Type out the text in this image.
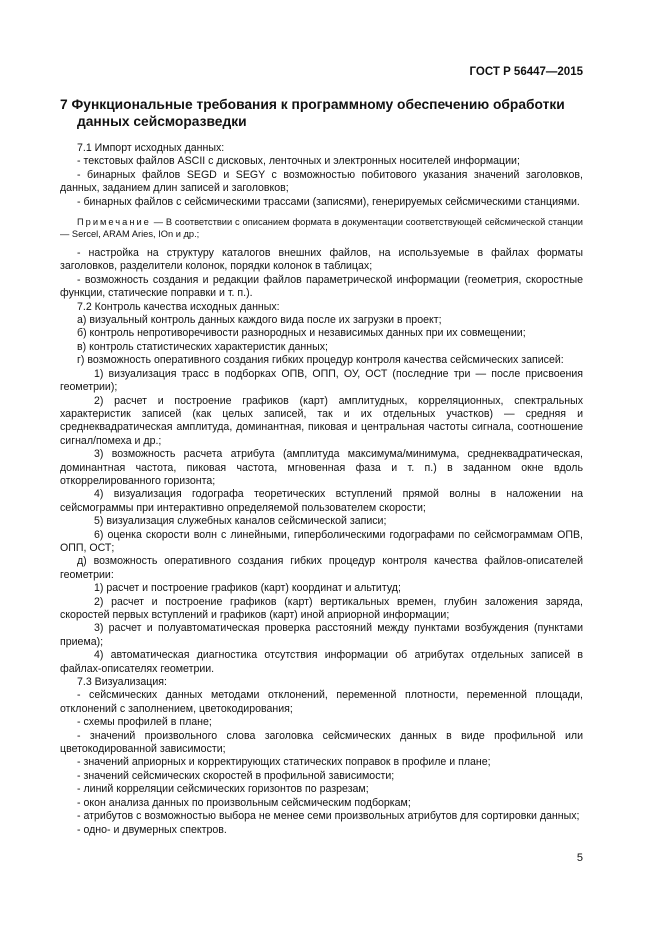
ГОСТ Р 56447—2015
7 Функциональные требования к программному обеспечению обработки данных сейсморазведки

7.1 Импорт исходных данных:

- текстовых файлов ASCII с дисковых, ленточных и электронных носителей информации;

- бинарных файлов SEGD и SEGY с возможностью побитового указания значений заголовков, данных, заданием длин записей и заголовков;

- бинарных файлов с сейсмическими трассами (записями), генерируемых сейсмическими станциями.

Примечание — В соответствии с описанием формата в документации соответствующей сейсмической станции — Sercel, ARAM Aries, IOn и др.;

- настройка на структуру каталогов внешних файлов, на используемые в файлах форматы заголовков, разделители колонок, порядки колонок в таблицах;

- возможность создания и редакции файлов параметрической информации (геометрия, скоростные функции, статические поправки и т. п.).

7.2 Контроль качества исходных данных:

а) визуальный контроль данных каждого вида после их загрузки в проект;

б) контроль непротиворечивости разнородных и независимых данных при их совмещении;

в) контроль статистических характеристик данных;

г) возможность оперативного создания гибких процедур контроля качества сейсмических записей:

1) визуализация трасс в подборках ОПВ, ОПП, ОУ, ОСТ (последние три — после присвоения геометрии);

2) расчет и построение графиков (карт) амплитудных, корреляционных, спектральных характеристик записей (как целых записей, так и их отдельных участков) — средняя и среднеквадратическая амплитуда, доминантная, пиковая и центральная частоты сигнала, соотношение сигнал/помеха и др.;

3) возможность расчета атрибута (амплитуда максимума/минимума, среднеквадратическая, доминантная частота, пиковая частота, мгновенная фаза и т. п.) в заданном окне вдоль откоррелированного горизонта;

4) визуализация годографа теоретических вступлений прямой волны в наложении на сейсмограммы при интерактивно определяемой пользователем скорости;

5) визуализация служебных каналов сейсмической записи;

6) оценка скорости волн с линейными, гиперболическими годографами по сейсмограммам ОПВ, ОПП, ОСТ;

д) возможность оперативного создания гибких процедур контроля качества файлов-описателей геометрии:

1) расчет и построение графиков (карт) координат и альтитуд;

2) расчет и построение графиков (карт) вертикальных времен, глубин заложения заряда, скоростей первых вступлений и графиков (карт) иной априорной информации;

3) расчет и полуавтоматическая проверка расстояний между пунктами возбуждения (пунктами приема);

4) автоматическая диагностика отсутствия информации об атрибутах отдельных записей в файлах-описателях геометрии.

7.3 Визуализация:

- сейсмических данных методами отклонений, переменной плотности, переменной площади, отклонений с заполнением, цветокодирования;

- схемы профилей в плане;

- значений произвольного слова заголовка сейсмических данных в виде профильной или цветокодированной зависимости;

- значений априорных и корректирующих статических поправок в профиле и плане;

- значений сейсмических скоростей в профильной зависимости;

- линий корреляции сейсмических горизонтов по разрезам;

- окон анализа данных по произвольным сейсмическим подборкам;

- атрибутов с возможностью выбора не менее семи произвольных атрибутов для сортировки данных;

- одно- и двумерных спектров.

5
